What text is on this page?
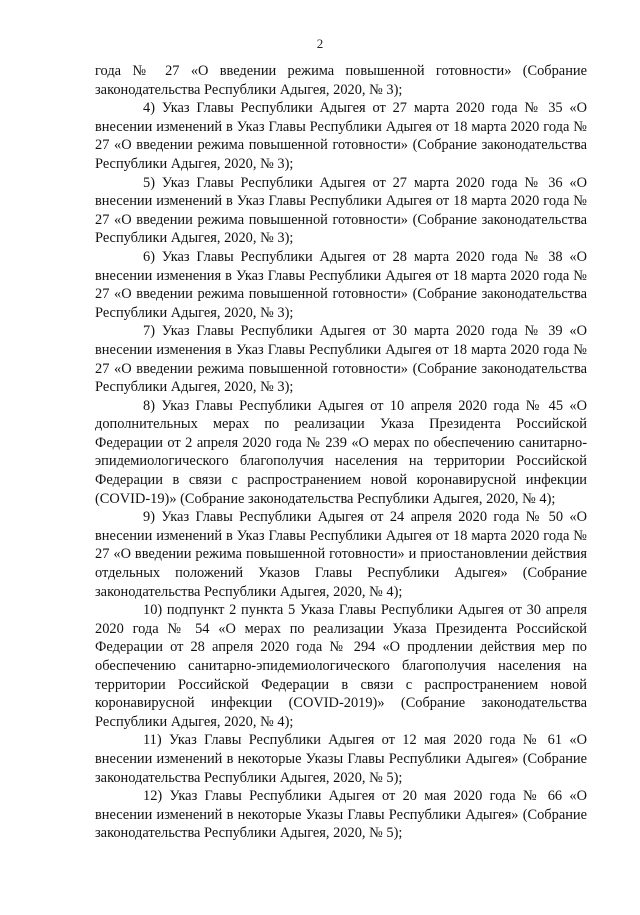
2

года № 27 «О введении режима повышенной готовности» (Собрание законодательства Республики Адыгея, 2020, № 3);

4) Указ Главы Республики Адыгея от 27 марта 2020 года № 35 «О внесении изменений в Указ Главы Республики Адыгея от 18 марта 2020 года № 27 «О введении режима повышенной готовности» (Собрание законодательства Республики Адыгея, 2020, № 3);

5) Указ Главы Республики Адыгея от 27 марта 2020 года № 36 «О внесении изменений в Указ Главы Республики Адыгея от 18 марта 2020 года № 27 «О введении режима повышенной готовности» (Собрание законодательства Республики Адыгея, 2020, № 3);

6) Указ Главы Республики Адыгея от 28 марта 2020 года № 38 «О внесении изменения в Указ Главы Республики Адыгея от 18 марта 2020 года № 27 «О введении режима повышенной готовности» (Собрание законодательства Республики Адыгея, 2020, № 3);

7) Указ Главы Республики Адыгея от 30 марта 2020 года № 39 «О внесении изменения в Указ Главы Республики Адыгея от 18 марта 2020 года № 27 «О введении режима повышенной готовности» (Собрание законодательства Республики Адыгея, 2020, № 3);

8) Указ Главы Республики Адыгея от 10 апреля 2020 года № 45 «О дополнительных мерах по реализации Указа Президента Российской Федерации от 2 апреля 2020 года № 239 «О мерах по обеспечению санитарно-эпидемиологического благополучия населения на территории Российской Федерации в связи с распространением новой коронавирусной инфекции (COVID-19)» (Собрание законодательства Республики Адыгея, 2020, № 4);

9) Указ Главы Республики Адыгея от 24 апреля 2020 года № 50 «О внесении изменений в Указ Главы Республики Адыгея от 18 марта 2020 года № 27 «О введении режима повышенной готовности» и приостановлении действия отдельных положений Указов Главы Республики Адыгея» (Собрание законодательства Республики Адыгея, 2020, № 4);

10) подпункт 2 пункта 5 Указа Главы Республики Адыгея от 30 апреля 2020 года № 54 «О мерах по реализации Указа Президента Российской Федерации от 28 апреля 2020 года № 294 «О продлении действия мер по обеспечению санитарно-эпидемиологического благополучия населения на территории Российской Федерации в связи с распространением новой коронавирусной инфекции (COVID-2019)» (Собрание законодательства Республики Адыгея, 2020, № 4);

11) Указ Главы Республики Адыгея от 12 мая 2020 года № 61 «О внесении изменений в некоторые Указы Главы Республики Адыгея» (Собрание законодательства Республики Адыгея, 2020, № 5);

12) Указ Главы Республики Адыгея от 20 мая 2020 года № 66 «О внесении изменений в некоторые Указы Главы Республики Адыгея» (Собрание законодательства Республики Адыгея, 2020, № 5);
